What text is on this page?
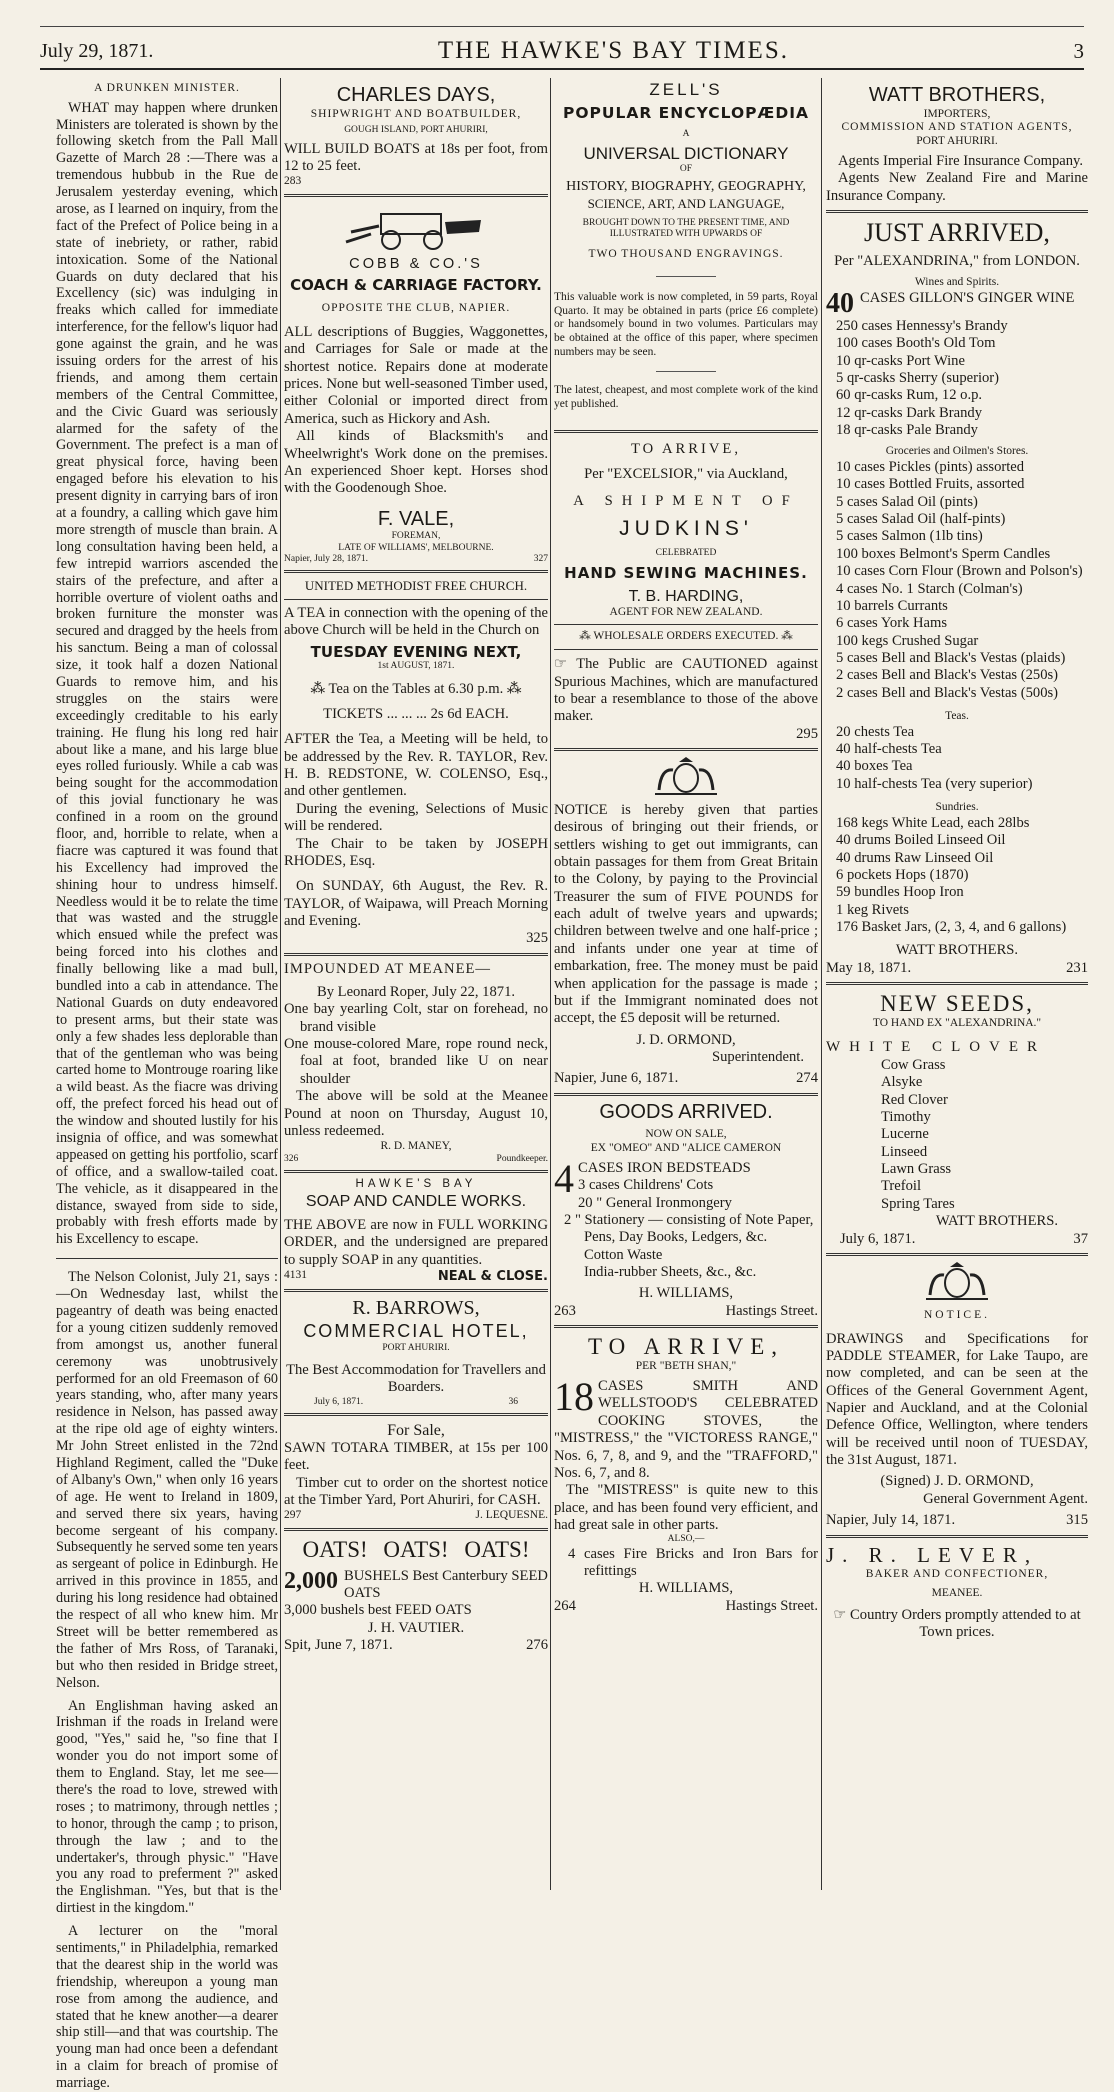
July 29, 1871.	THE HAWKE'S BAY TIMES.	3

A DRUNKEN MINISTER.

WHAT may happen where drunken Ministers are tolerated is shown by the following sketch from the Pall Mall Gazette of March 28 :—There was a tremendous hubbub in the Rue de Jerusalem yesterday evening, which arose, as I learned on inquiry, from the fact of the Prefect of Police being in a state of inebriety, or rather, rabid intoxication. Some of the National Guards on duty declared that his Excellency (sic) was indulging in freaks which called for immediate interference, for the fellow's liquor had gone against the grain, and he was issuing orders for the arrest of his friends, and among them certain members of the Central Committee, and the Civic Guard was seriously alarmed for the safety of the Government. The prefect is a man of great physical force, having been engaged before his elevation to his present dignity in carrying bars of iron at a foundry, a calling which gave him more strength of muscle than brain. A long consultation having been held, a few intrepid warriors ascended the stairs of the prefecture, and after a horrible overture of violent oaths and broken furniture the monster was secured and dragged by the heels from his sanctum. Being a man of colossal size, it took half a dozen National Guards to remove him, and his struggles on the stairs were exceedingly creditable to his early training. He flung his long red hair about like a mane, and his large blue eyes rolled furiously. While a cab was being sought for the accommodation of this jovial functionary he was confined in a room on the ground floor, and, horrible to relate, when a fiacre was captured it was found that his Excellency had improved the shining hour to undress himself. Needless would it be to relate the time that was wasted and the struggle which ensued while the prefect was being forced into his clothes and finally bellowing like a mad bull, bundled into a cab in attendance. The National Guards on duty endeavored to present arms, but their state was only a few shades less deplorable than that of the gentleman who was being carted home to Montrouge roaring like a wild beast. As the fiacre was driving off, the prefect forced his head out of the window and shouted lustily for his insignia of office, and was somewhat appeased on getting his portfolio, scarf of office, and a swallow-tailed coat. The vehicle, as it disappeared in the distance, swayed from side to side, probably with fresh efforts made by his Excellency to escape.

The Nelson Colonist, July 21, says :—On Wednesday last, whilst the pageantry of death was being enacted for a young citizen suddenly removed from amongst us, another funeral ceremony was unobtrusively performed for an old Freemason of 60 years standing, who, after many years residence in Nelson, has passed away at the ripe old age of eighty winters. Mr John Street enlisted in the 72nd Highland Regiment, called the "Duke of Albany's Own," when only 16 years of age. He went to Ireland in 1809, and served there six years, having become sergeant of his company. Subsequently he served some ten years as sergeant of police in Edinburgh. He arrived in this province in 1855, and during his long residence had obtained the respect of all who knew him. Mr Street will be better remembered as the father of Mrs Ross, of Taranaki, but who then resided in Bridge street, Nelson.

An Englishman having asked an Irishman if the roads in Ireland were good, "Yes," said he, "so fine that I wonder you do not import some of them to England. Stay, let me see—there's the road to love, strewed with roses ; to matrimony, through nettles ; to honor, through the camp ; to prison, through the law ; and to the undertaker's, through physic." "Have you any road to preferment ?" asked the Englishman. "Yes, but that is the dirtiest in the kingdom."

A lecturer on the "moral sentiments," in Philadelphia, remarked that the dearest ship in the world was friendship, whereupon a young man rose from among the audience, and stated that he knew another—a dearer ship still—and that was courtship. The young man had once been a defendant in a claim for breach of promise of marriage.

CHARLES DAYS,

SHIPWRIGHT AND BOATBUILDER,

GOUGH ISLAND, PORT AHURIRI,

WILL BUILD BOATS at 18s per foot, from 12 to 25 feet.

283

COBB & CO.'S

COACH & CARRIAGE FACTORY.

OPPOSITE THE CLUB, NAPIER.

ALL descriptions of Buggies, Waggonettes, and Carriages for Sale or made at the shortest notice. Repairs done at moderate prices. None but well-seasoned Timber used, either Colonial or imported direct from America, such as Hickory and Ash.

All kinds of Blacksmith's and Wheelwright's Work done on the premises. An experienced Shoer kept. Horses shod with the Goodenough Shoe.

F. VALE,

FOREMAN,

LATE OF WILLIAMS', MELBOURNE.

Napier, July 28, 1871.	327

UNITED METHODIST FREE CHURCH.

A TEA in connection with the opening of the above Church will be held in the Church on

TUESDAY EVENING NEXT,

1st AUGUST, 1871.

⁂ Tea on the Tables at 6.30 p.m. ⁂

TICKETS ... ... ... 2s 6d EACH.

AFTER the Tea, a Meeting will be held, to be addressed by the Rev. R. TAYLOR, Rev. H. B. REDSTONE, W. COLENSO, Esq., and other gentlemen.

During the evening, Selections of Music will be rendered.

The Chair to be taken by JOSEPH RHODES, Esq.

On SUNDAY, 6th August, the Rev. R. TAYLOR, of Waipawa, will Preach Morning and Evening.

325

IMPOUNDED AT MEANEE—

By Leonard Roper, July 22, 1871.

One bay yearling Colt, star on forehead, no brand visible

One mouse-colored Mare, rope round neck, foal at foot, branded like U on near shoulder

The above will be sold at the Meanee Pound at noon on Thursday, August 10, unless redeemed.

R. D. MANEY,

326	Poundkeeper.

HAWKE'S BAY

SOAP AND CANDLE WORKS.

THE ABOVE are now in FULL WORKING ORDER, and the undersigned are prepared to supply SOAP in any quantities.

4131	NEAL & CLOSE.

R. BARROWS,

COMMERCIAL HOTEL,

PORT AHURIRI.

The Best Accommodation for Travellers and Boarders.

July 6, 1871.	36

For Sale,

SAWN TOTARA TIMBER, at 15s per 100 feet.

Timber cut to order on the shortest notice at the Timber Yard, Port Ahuriri, for CASH.

297	J. LEQUESNE.

OATS! OATS! OATS!

2,000 BUSHELS Best Canterbury SEED OATS

3,000 bushels best FEED OATS

J. H. VAUTIER.

Spit, June 7, 1871.	276

ZELL'S

POPULAR ENCYCLOPÆDIA

A

UNIVERSAL DICTIONARY

OF

HISTORY, BIOGRAPHY, GEOGRAPHY,

SCIENCE, ART, AND LANGUAGE,

BROUGHT DOWN TO THE PRESENT TIME, AND ILLUSTRATED WITH UPWARDS OF

TWO THOUSAND ENGRAVINGS.

This valuable work is now completed, in 59 parts, Royal Quarto. It may be obtained in parts (price £6 complete) or handsomely bound in two volumes. Particulars may be obtained at the office of this paper, where specimen numbers may be seen.

The latest, cheapest, and most complete work of the kind yet published.

TO ARRIVE,

Per "EXCELSIOR," via Auckland,

A SHIPMENT OF

JUDKINS'

CELEBRATED

HAND SEWING MACHINES.

T. B. HARDING,

AGENT FOR NEW ZEALAND.

⁂ WHOLESALE ORDERS EXECUTED. ⁂

☞ The Public are CAUTIONED against Spurious Machines, which are manufactured to bear a resemblance to those of the above maker.

295

NOTICE is hereby given that parties desirous of bringing out their friends, or settlers wishing to get out immigrants, can obtain passages for them from Great Britain to the Colony, by paying to the Provincial Treasurer the sum of FIVE POUNDS for each adult of twelve years and upwards; children between twelve and one half-price ; and infants under one year at time of embarkation, free. The money must be paid when application for the passage is made ; but if the Immigrant nominated does not accept, the £5 deposit will be returned.

J. D. ORMOND,

Superintendent.

Napier, June 6, 1871.	274

GOODS ARRIVED.

NOW ON SALE,

EX "OMEO" AND "ALICE CAMERON

4 CASES IRON BEDSTEADS
3 cases Childrens' Cots
20 " General Ironmongery
2 " Stationery — consisting of Note Paper, Pens, Day Books, Ledgers, &c.
Cotton Waste
India-rubber Sheets, &c., &c.

H. WILLIAMS,

263	Hastings Street.

TO ARRIVE,

PER "BETH SHAN,"

18 CASES SMITH AND WELLSTOOD'S CELEBRATED COOKING STOVES, the "MISTRESS," the "VICTORESS RANGE," Nos. 6, 7, 8, and 9, and the "TRAFFORD," Nos. 6, 7, and 8.

The "MISTRESS" is quite new to this place, and has been found very efficient, and had great sale in other parts.

ALSO,—

4 cases Fire Bricks and Iron Bars for refittings

H. WILLIAMS,

264	Hastings Street.

WATT BROTHERS,

IMPORTERS,

COMMISSION AND STATION AGENTS,

PORT AHURIRI.

Agents Imperial Fire Insurance Company.

Agents New Zealand Fire and Marine Insurance Company.

JUST ARRIVED,

Per "ALEXANDRINA," from LONDON.

Wines and Spirits.

40 CASES GILLON'S GINGER WINE
250 cases Hennessy's Brandy
100 cases Booth's Old Tom
10 qr-casks Port Wine
5 qr-casks Sherry (superior)
60 qr-casks Rum, 12 o.p.
12 qr-casks Dark Brandy
18 qr-casks Pale Brandy

Groceries and Oilmen's Stores.

10 cases Pickles (pints) assorted
10 cases Bottled Fruits, assorted
5 cases Salad Oil (pints)
5 cases Salad Oil (half-pints)
5 cases Salmon (1lb tins)
100 boxes Belmont's Sperm Candles
10 cases Corn Flour (Brown and Polson's)
4 cases No. 1 Starch (Colman's)
10 barrels Currants
6 cases York Hams
100 kegs Crushed Sugar
5 cases Bell and Black's Vestas (plaids)
2 cases Bell and Black's Vestas (250s)
2 cases Bell and Black's Vestas (500s)

Teas.

20 chests Tea
40 half-chests Tea
40 boxes Tea
10 half-chests Tea (very superior)

Sundries.

168 kegs White Lead, each 28lbs
40 drums Boiled Linseed Oil
40 drums Raw Linseed Oil
6 pockets Hops (1870)
59 bundles Hoop Iron
1 keg Rivets
176 Basket Jars, (2, 3, 4, and 6 gallons)

WATT BROTHERS.

May 18, 1871.	231

NEW SEEDS,

TO HAND EX "ALEXANDRINA."

WHITE CLOVER

Cow Grass
Alsyke
Red Clover
Timothy
Lucerne
Linseed
Lawn Grass
Trefoil
Spring Tares

WATT BROTHERS.

July 6, 1871.	37

NOTICE.

DRAWINGS and Specifications for PADDLE STEAMER, for Lake Taupo, are now completed, and can be seen at the Offices of the General Government Agent, Napier and Auckland, and at the Colonial Defence Office, Wellington, where tenders will be received until noon of TUESDAY, the 31st August, 1871.

(Signed) J. D. ORMOND,

General Government Agent.

Napier, July 14, 1871.	315

J. R. LEVER,

BAKER AND CONFECTIONER,

MEANEE.

☞ Country Orders promptly attended to at Town prices.
